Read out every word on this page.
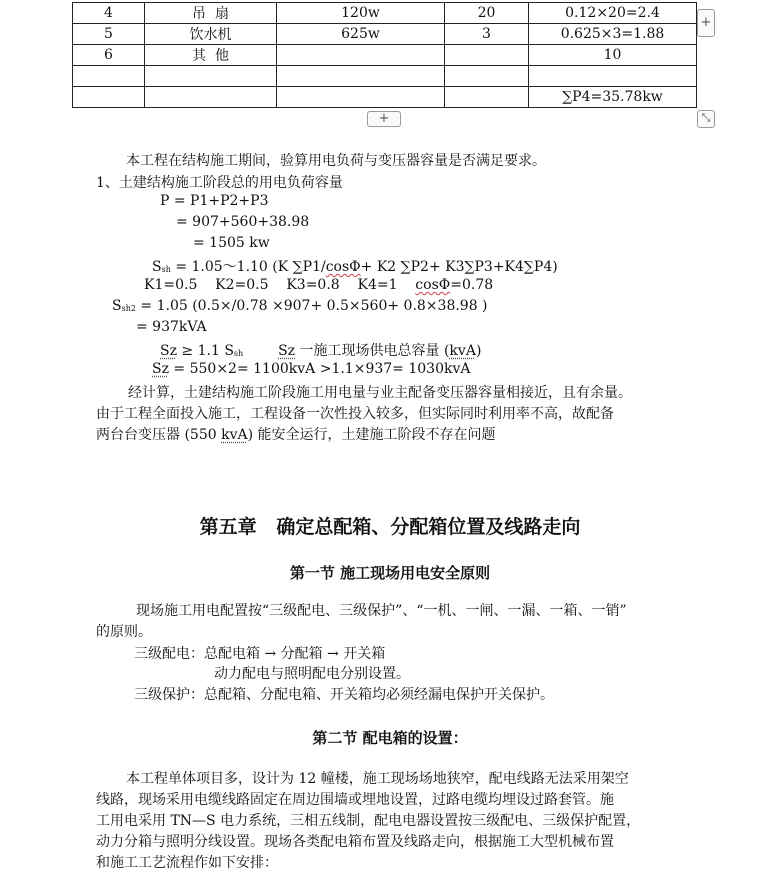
4	吊  扇	120w	20	0.12×20=2.4
5	饮水机	625w	3	0.625×3=1.88
6	其  他			10

				∑P4=35.78kw
+
+	⤡
本工程在结构施工期间，验算用电负荷与变压器容量是否满足要求。
1、土建结构施工阶段总的用电负荷容量
P = P1+P2+P3
= 907+560+38.98
= 1505 kw
Ssh = 1.05～1.10 (K ∑P1/cosΦ+ K2 ∑P2+ K3∑P3+K4∑P4)
K1=0.5    K2=0.5    K3=0.8    K4=1    cosΦ=0.78
Ssh2 = 1.05 (0.5×/0.78 ×907+ 0.5×560+ 0.8×38.98 )
= 937kVA
Sz ≥ 1.1 Ssh Sz 一施工现场供电总容量 (kvA)
Sz = 550×2= 1100kvA >1.1×937= 1030kvA
经计算，土建结构施工阶段施工用电量与业主配备变压器容量相接近，且有余量。
由于工程全面投入施工，工程设备一次性投入较多，但实际同时利用率不高，故配备
两台台变压器 (550 kvA) 能安全运行，土建施工阶段不存在问题
第五章   确定总配箱、分配箱位置及线路走向
第一节 施工现场用电安全原则
现场施工用电配置按“三级配电、三级保护”、“一机、一闸、一漏、一箱、一销”
的原则。
三级配电：总配电箱 → 分配箱 → 开关箱
动力配电与照明配电分别设置。
三级保护：总配箱、分配电箱、开关箱均必须经漏电保护开关保护。
第二节 配电箱的设置：
本工程单体项目多，设计为 12 幢楼，施工现场场地狭窄，配电线路无法采用架空
线路，现场采用电缆线路固定在周边围墙或埋地设置，过路电缆均埋设过路套管。施
工用电采用 TN—S 电力系统，三相五线制，配电电器设置按三级配电、三级保护配置，
动力分箱与照明分线设置。现场各类配电箱布置及线路走向，根据施工大型机械布置
和施工工艺流程作如下安排：
